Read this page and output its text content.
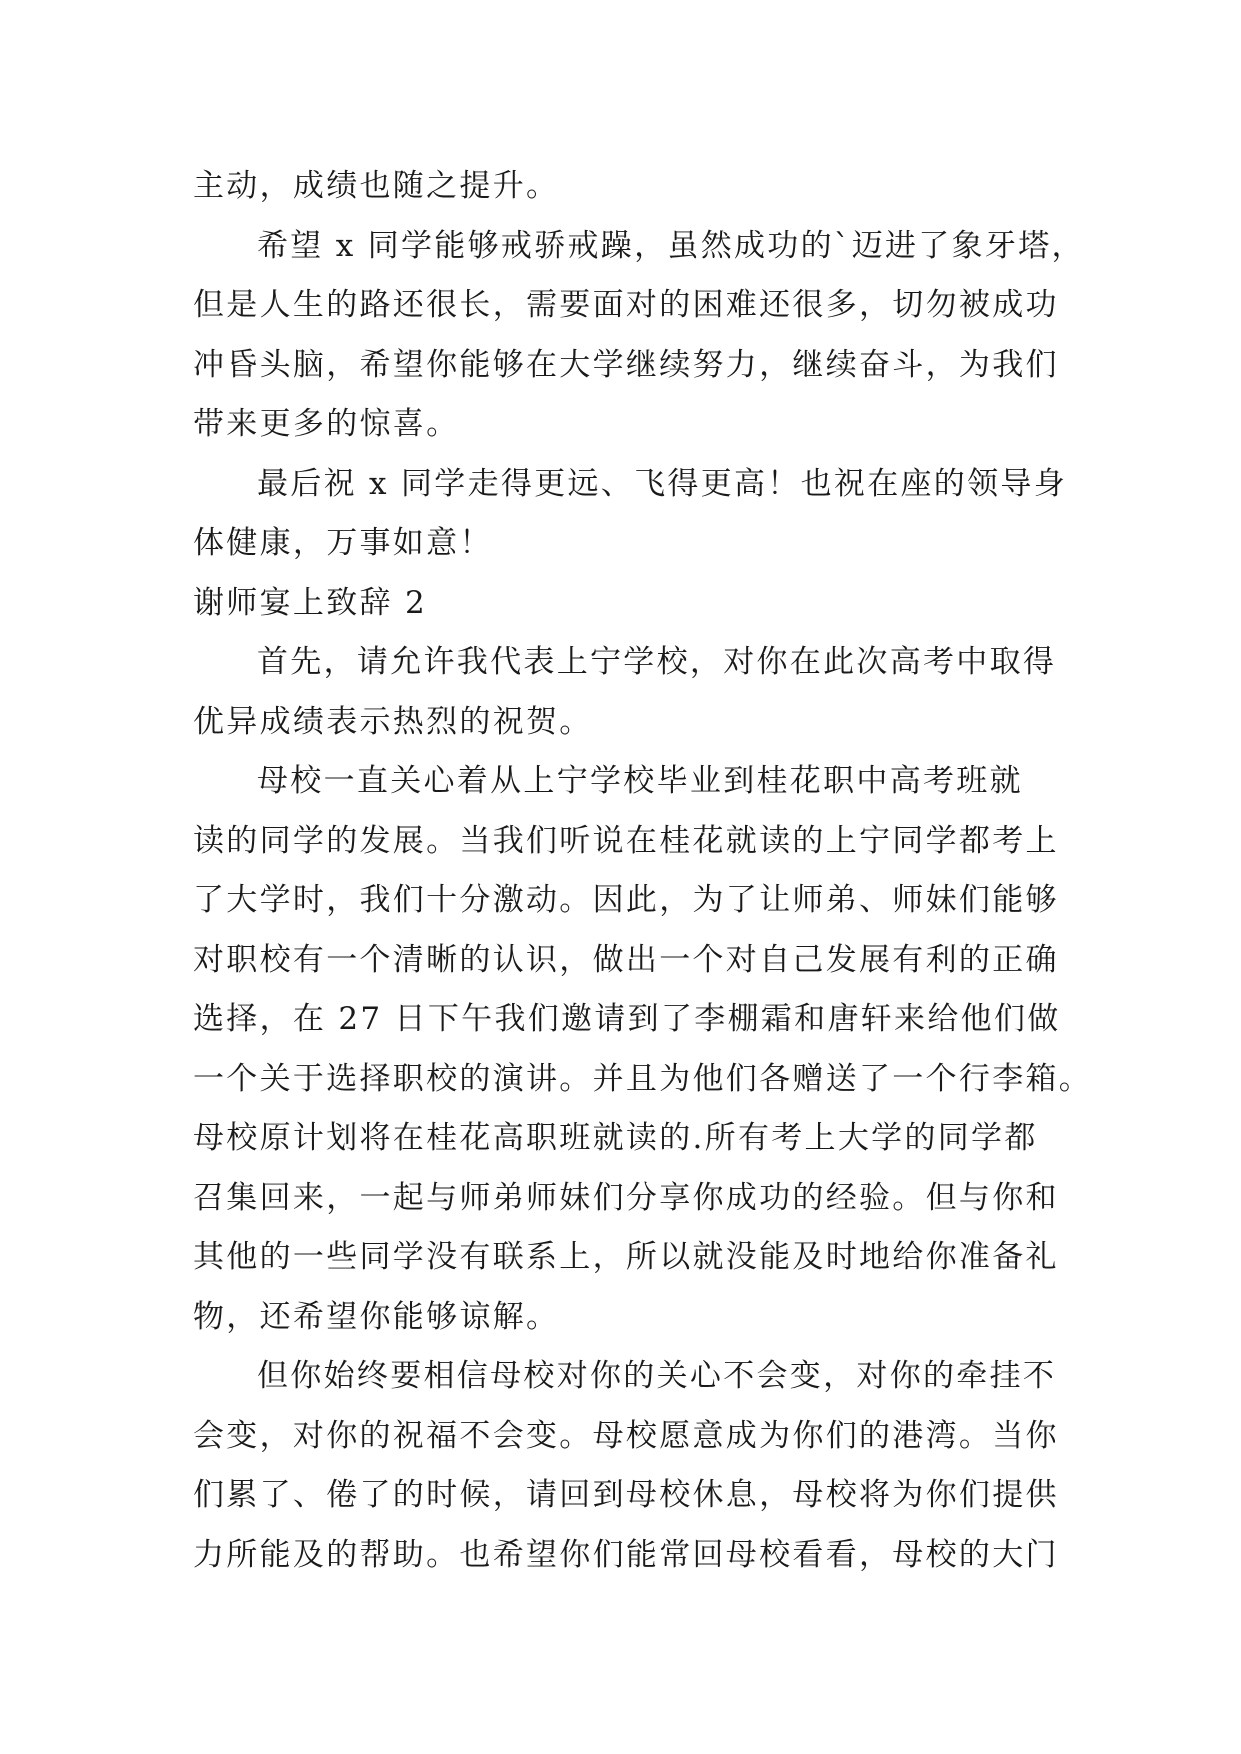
主动，成绩也随之提升。
希望 x 同学能够戒骄戒躁，虽然成功的`迈进了象牙塔，
但是人生的路还很长，需要面对的困难还很多，切勿被成功
冲昏头脑，希望你能够在大学继续努力，继续奋斗，为我们
带来更多的惊喜。
最后祝 x 同学走得更远、飞得更高！也祝在座的领导身
体健康，万事如意！
谢师宴上致辞 2
首先，请允许我代表上宁学校，对你在此次高考中取得
优异成绩表示热烈的祝贺。
母校一直关心着从上宁学校毕业到桂花职中高考班就
读的同学的发展。当我们听说在桂花就读的上宁同学都考上
了大学时，我们十分激动。因此，为了让师弟、师妹们能够
对职校有一个清晰的认识，做出一个对自己发展有利的正确
选择，在 27 日下午我们邀请到了李棚霜和唐轩来给他们做
一个关于选择职校的演讲。并且为他们各赠送了一个行李箱。
母校原计划将在桂花高职班就读的.所有考上大学的同学都
召集回来，一起与师弟师妹们分享你成功的经验。但与你和
其他的一些同学没有联系上，所以就没能及时地给你准备礼
物，还希望你能够谅解。
但你始终要相信母校对你的关心不会变，对你的牵挂不
会变，对你的祝福不会变。母校愿意成为你们的港湾。当你
们累了、倦了的时候，请回到母校休息，母校将为你们提供
力所能及的帮助。也希望你们能常回母校看看，母校的大门
